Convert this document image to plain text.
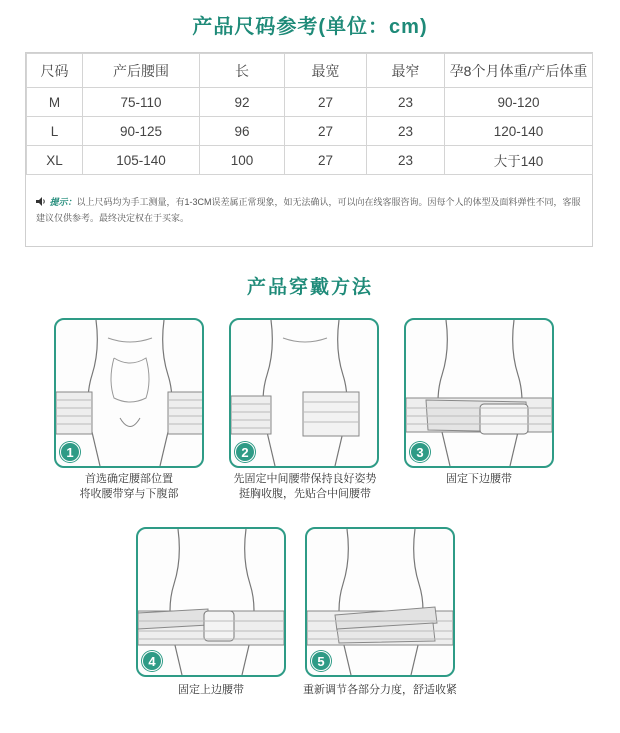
产品尺码参考(单位：cm)
尺码	产后腰围	长	最宽	最窄	孕8个月体重/产后体重
M	75-110	92	27	23	90-120
L	90-125	96	27	23	120-140
XL	105-140	100	27	23	大于140
提示：以上尺码均为手工测量，有1-3CM误差属正常现象，如无法确认，可以向在线客服咨询。因每个人的体型及面料弹性不同，客服建议仅供参考。最终决定权在于买家。
产品穿戴方法
1
首选确定腰部位置
将收腰带穿与下腹部
2
先固定中间腰带保持良好姿势
挺胸收腹，先贴合中间腰带
3
固定下边腰带
4
固定上边腰带
5
重新调节各部分力度，舒适收紧
